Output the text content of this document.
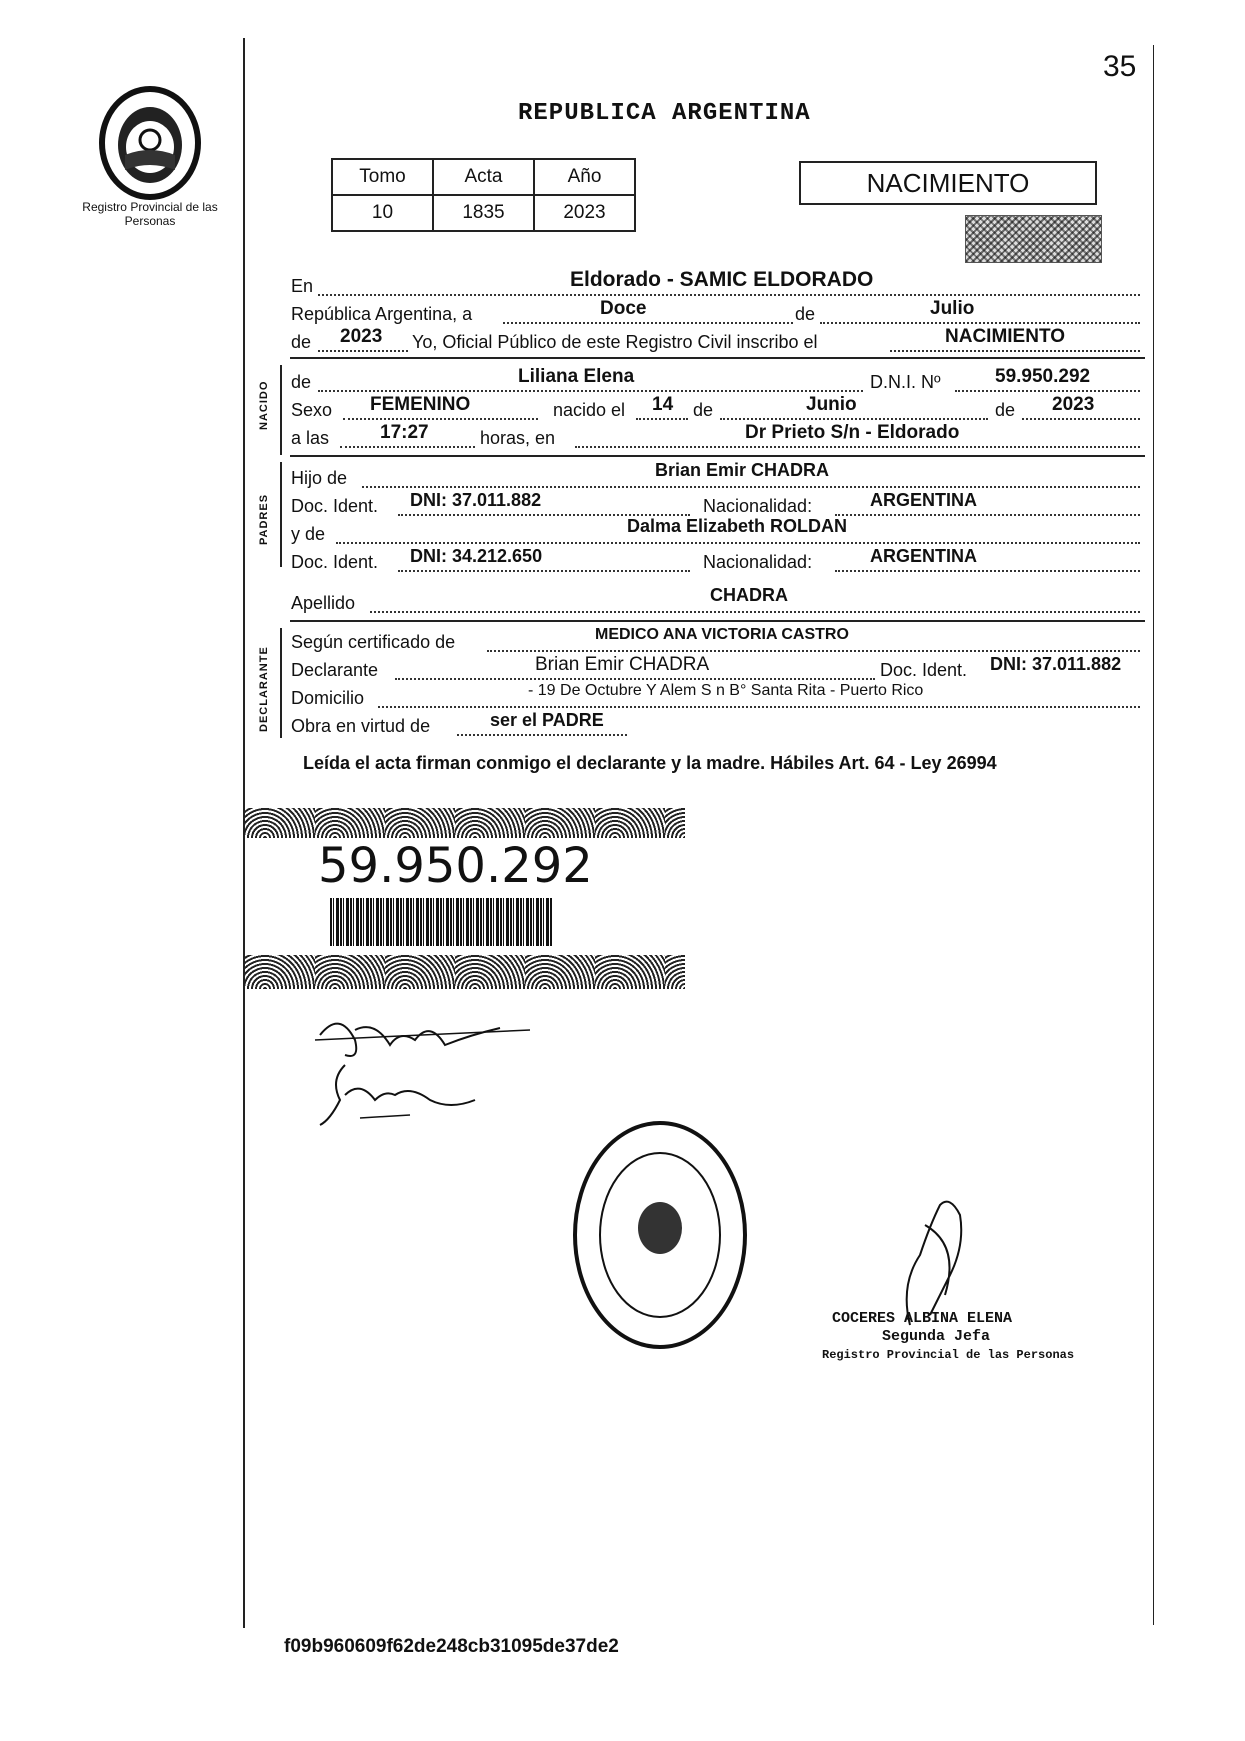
Registro Provincial de las Personas
35
REPUBLICA ARGENTINA
Tomo	Acta	Año
10	1835	2023
NACIMIENTO
En	Eldorado - SAMIC ELDORADO
República Argentina, a	Doce	de	Julio
de 2023 Yo, Oficial Público de este Registro Civil inscribo el	NACIMIENTO
NACIDO de	Liliana Elena	D.N.I. Nº	59.950.292
Sexo FEMENINO	nacido el 14 de	Junio	de 2023
a las	17:27	horas, en	Dr Prieto S/n - Eldorado
PADRES
Hijo de	Brian Emir CHADRA
Doc. Ident. DNI: 37.011.882	Nacionalidad:	ARGENTINA
y de	Dalma Elizabeth ROLDAN
Doc. Ident. DNI: 34.212.650	Nacionalidad:	ARGENTINA
Apellido	CHADRA
DECLARANTE
Según certificado de	MEDICO ANA VICTORIA CASTRO
Declarante	Brian Emir CHADRA	Doc. Ident. DNI: 37.011.882
Domicilio	- 19 De Octubre Y Alem S n B° Santa Rita - Puerto Rico
Obra en virtud de	ser el PADRE
Leída el acta firman conmigo el declarante y la madre. Hábiles Art. 64 - Ley 26994
59.950.292
COCERES ALBINA ELENA
Segunda Jefa
Registro Provincial de las Personas
f09b960609f62de248cb31095de37de2
